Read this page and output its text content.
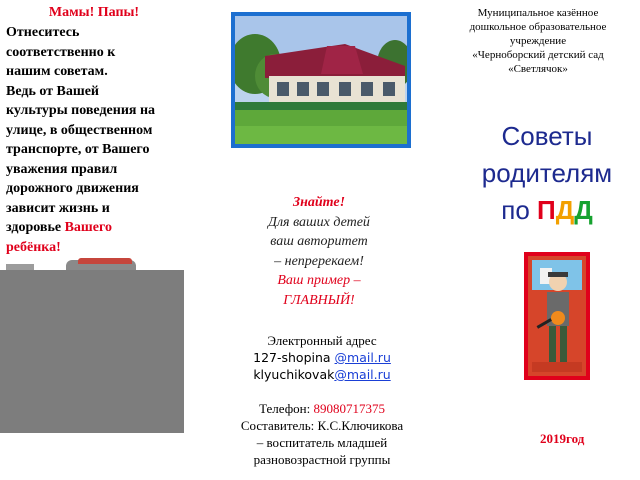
Мамы! Папы!
Отнеситесь
соответственно к
нашим советам.
Ведь от Вашей
культуры поведения на
улице, в общественном
транспорте, от Вашего
уважения правил
дорожного движения
зависит жизнь и
здоровье Вашего
ребёнка!
Знайте!
Для ваших детей
ваш авторитет
– непререкаем!
Ваш пример –
ГЛАВНЫЙ!
Электронный адрес
127-shopina @mail.ru
klyuchikovak@mail.ru
Телефон: 89080717375
Составитель: К.С.Ключикова
– воспитатель младшей
разновозрастной группы
Муниципальное казённое
дошкольное образовательное
учреждение
«Черноборский детский сад
«Светлячок»
Советы
родителям
по ПДД
2019год
